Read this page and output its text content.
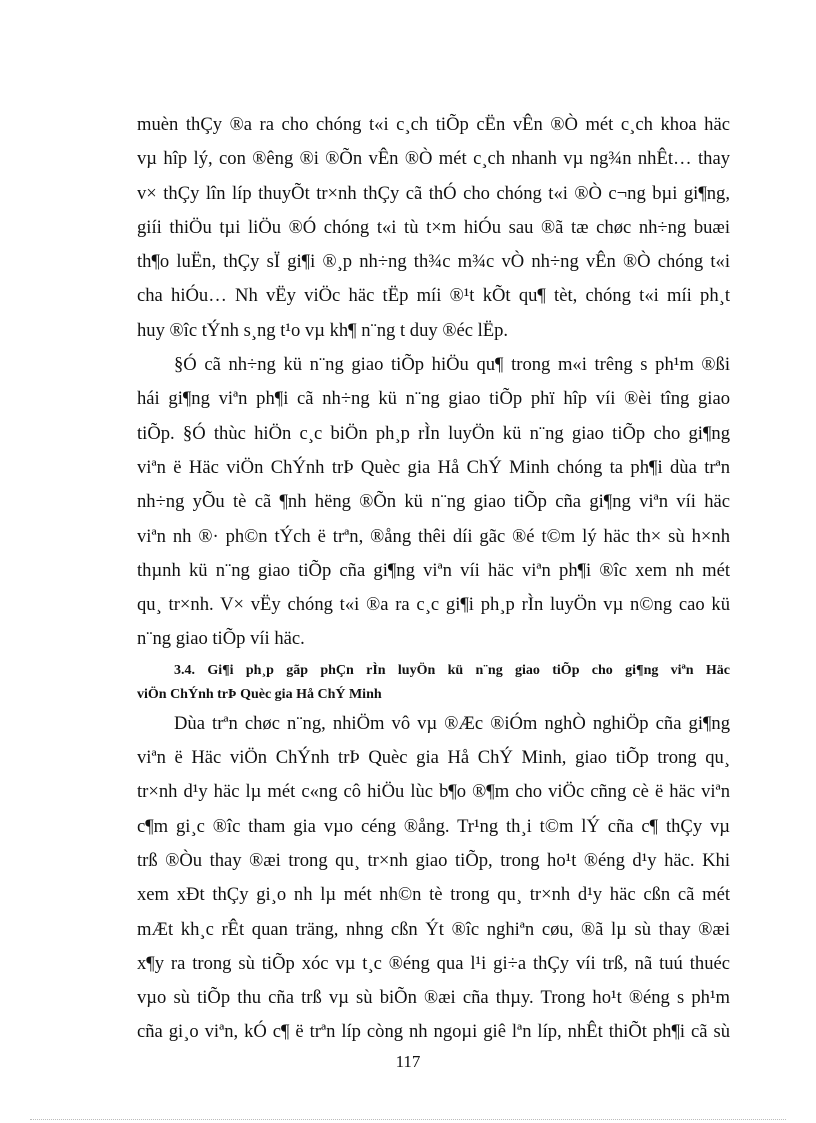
muèn thÇy ®a ra cho chóng t«i c¸ch tiÕp cËn vÊn ®Ò mét c¸ch khoa häc
vµ hîp lý, con ®êng ®i ®Õn vÊn ®Ò mét c¸ch nhanh vµ ng¾n nhÊt… thay
v× thÇy lîn líp thuyÕt tr×nh thÇy cã thÓ cho chóng t«i ®Ò c¬ng bµi gi¶ng,
giíi thiÖu tµi liÖu ®Ó chóng t«i tù t×m hiÓu sau ®ã tæ chøc nh÷ng buæi
th¶o luËn, thÇy sÏ gi¶i ®¸p nh÷ng th¾c m¾c vÒ nh÷ng vÊn ®Ò chóng t«i
cha hiÓu… Nh vËy viÖc häc tËp míi ®¹t kÕt qu¶ tèt, chóng t«i míi ph¸t
huy ®îc tÝnh s¸ng t¹o vµ kh¶ n¨ng t duy ®éc lËp.
§Ó cã nh÷ng kü n¨ng giao tiÕp hiÖu qu¶ trong m«i trêng s ph¹m ®ßi
hái gi¶ng viªn ph¶i cã nh÷ng kü n¨ng giao tiÕp phï hîp víi ®èi tîng giao
tiÕp. §Ó thùc hiÖn c¸c biÖn ph¸p rÌn luyÖn kü n¨ng giao tiÕp cho gi¶ng
viªn ë Häc viÖn ChÝnh trÞ Quèc gia Hå ChÝ Minh chóng ta ph¶i dùa trªn
nh÷ng yÕu tè cã ¶nh hëng ®Õn kü n¨ng giao tiÕp cña gi¶ng viªn víi häc
viªn nh ®· ph©n tÝch ë trªn, ®ång thêi díi gãc ®é t©m lý häc th× sù h×nh
thµnh kü n¨ng giao tiÕp cña gi¶ng viªn víi häc viªn ph¶i ®îc xem nh mét
qu¸ tr×nh. V× vËy chóng t«i ®a ra c¸c gi¶i ph¸p rÌn luyÖn vµ n©ng cao kü
n¨ng giao tiÕp víi häc.
3.4. Gi¶i ph¸p gãp phÇn rÌn luyÖn kü n¨ng giao tiÕp cho gi¶ng viªn Häc
viÖn ChÝnh trÞ Quèc gia Hå ChÝ Minh
Dùa trªn chøc n¨ng, nhiÖm vô vµ ®Æc ®iÓm nghÒ nghiÖp cña gi¶ng
viªn ë Häc viÖn ChÝnh trÞ Quèc gia Hå ChÝ Minh, giao tiÕp trong qu¸
tr×nh d¹y häc lµ mét c«ng cô hiÖu lùc b¶o ®¶m cho viÖc cñng cè ë häc viªn
c¶m gi¸c ®îc tham gia vµo céng ®ång. Tr¹ng th¸i t©m lÝ cña c¶ thÇy vµ
trß ®Òu thay ®æi trong qu¸ tr×nh giao tiÕp, trong ho¹t ®éng d¹y häc. Khi
xem xÐt thÇy gi¸o nh lµ mét nh©n tè trong qu¸ tr×nh d¹y häc cßn cã mét
mÆt kh¸c rÊt quan träng, nhng cßn Ýt ®îc nghiªn cøu, ®ã lµ sù thay ®æi
x¶y ra trong sù tiÕp xóc vµ t¸c ®éng qua l¹i gi÷a thÇy víi trß, nã tuú thuéc
vµo sù tiÕp thu cña trß vµ sù biÕn ®æi cña thµy. Trong ho¹t ®éng s ph¹m
cña gi¸o viªn, kÓ c¶ ë trªn líp còng nh ngoµi giê lªn líp, nhÊt thiÕt ph¶i cã sù
117
